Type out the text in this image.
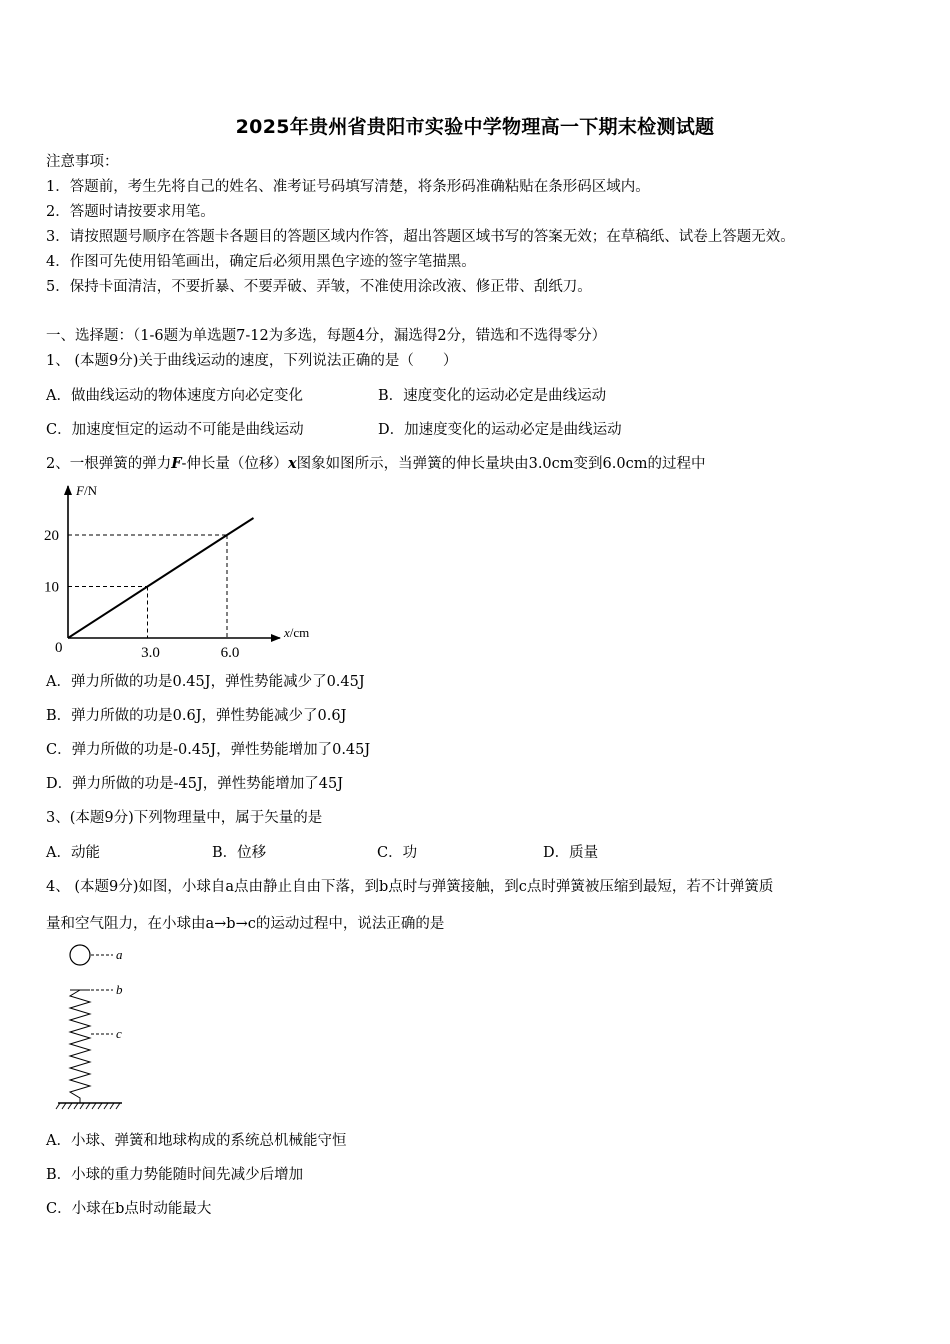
2025年贵州省贵阳市实验中学物理高一下期末检测试题
注意事项：
1．答题前，考生先将自己的姓名、准考证号码填写清楚，将条形码准确粘贴在条形码区域内。
2．答题时请按要求用笔。
3．请按照题号顺序在答题卡各题目的答题区域内作答，超出答题区域书写的答案无效；在草稿纸、试卷上答题无效。
4．作图可先使用铅笔画出，确定后必须用黑色字迹的签字笔描黑。
5．保持卡面清洁，不要折暴、不要弄破、弄皱，不准使用涂改液、修正带、刮纸刀。
一、选择题：（1-6题为单选题7-12为多选，每题4分，漏选得2分，错选和不选得零分）
1、 (本题9分)关于曲线运动的速度，下列说法正确的是（　　）
A．做曲线运动的物体速度方向必定变化	B．速度变化的运动必定是曲线运动
C．加速度恒定的运动不可能是曲线运动	D．加速度变化的运动必定是曲线运动
2、一根弹簧的弹力F-伸长量（位移）x图象如图所示，当弹簧的伸长量块由3.0cm变到6.0cm的过程中
F/N
x/cm
0
10
20
3.0	6.0
A．弹力所做的功是0.45J，弹性势能减少了0.45J
B．弹力所做的功是0.6J，弹性势能减少了0.6J
C．弹力所做的功是-0.45J，弹性势能增加了0.45J
D．弹力所做的功是-45J，弹性势能增加了45J
3、(本题9分)下列物理量中，属于矢量的是
A．动能	B．位移	C．功	D．质量
4、 (本题9分)如图，小球自a点由静止自由下落，到b点时与弹簧接触，到c点时弹簧被压缩到最短，若不计弹簧质
量和空气阻力，在小球由a→b→c的运动过程中，说法正确的是
a
b
c
A．小球、弹簧和地球构成的系统总机械能守恒
B．小球的重力势能随时间先减少后增加
C．小球在b点时动能最大
